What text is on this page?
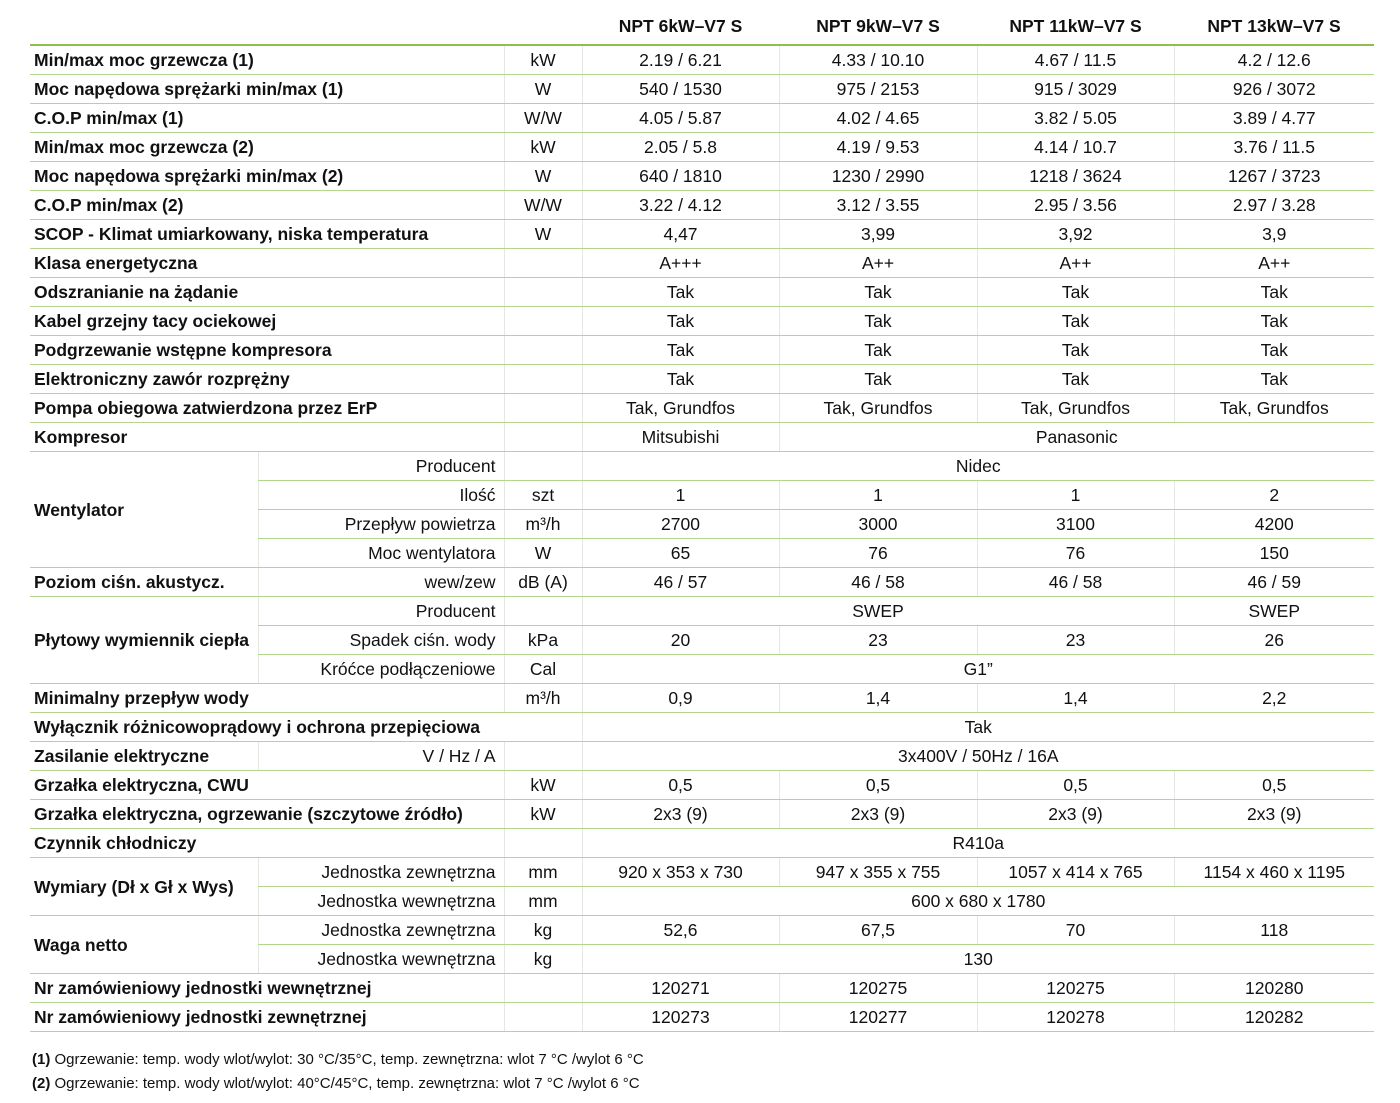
			NPT 6kW–V7 S	NPT 9kW–V7 S	NPT 11kW–V7 S	NPT 13kW–V7 S
Min/max moc grzewcza (1)		kW	2.19 / 6.21	4.33 / 10.10	4.67 / 11.5	4.2 / 12.6
Moc napędowa sprężarki min/max (1)		W	540 / 1530	975 / 2153	915 / 3029	926 / 3072
C.O.P min/max (1)		W/W	4.05 / 5.87	4.02 / 4.65	3.82 / 5.05	3.89 / 4.77
Min/max moc grzewcza (2)		kW	2.05 / 5.8	4.19 / 9.53	4.14 / 10.7	3.76 / 11.5
Moc napędowa sprężarki min/max (2)		W	640 / 1810	1230 / 2990	1218 / 3624	1267 / 3723
C.O.P min/max (2)		W/W	3.22 / 4.12	3.12 / 3.55	2.95 / 3.56	2.97 / 3.28
SCOP - Klimat umiarkowany, niska temperatura		W	4,47	3,99	3,92	3,9
Klasa energetyczna			A+++	A++	A++	A++
Odszranianie na żądanie			Tak	Tak	Tak	Tak
Kabel grzejny tacy ociekowej			Tak	Tak	Tak	Tak
Podgrzewanie wstępne kompresora			Tak	Tak	Tak	Tak
Elektroniczny zawór rozprężny			Tak	Tak	Tak	Tak
Pompa obiegowa zatwierdzona przez ErP			Tak, Grundfos	Tak, Grundfos	Tak, Grundfos	Tak, Grundfos
Kompresor			Mitsubishi	Panasonic		
Wentylator	Producent		Nidec			
	Ilość	szt	1	1	1	2
	Przepływ powietrza	m³/h	2700	3000	3100	4200
	Moc wentylatora	W	65	76	76	150
Poziom ciśn. akustycz.	wew/zew	dB (A)	46 / 57	46 / 58	46 / 58	46 / 59
Płytowy wymiennik ciepła	Producent		SWEP			SWEP
	Spadek ciśn. wody	kPa	20	23	23	26
	Króćce podłączeniowe	Cal	G1”			
Minimalny przepływ wody		m³/h	0,9	1,4	1,4	2,2
Wyłącznik różnicowoprądowy i ochrona przepięciowa			Tak			
Zasilanie elektryczne	V / Hz / A		3x400V / 50Hz / 16A			
Grzałka elektryczna, CWU		kW	0,5	0,5	0,5	0,5
Grzałka elektryczna, ogrzewanie (szczytowe źródło)		kW	2x3 (9)	2x3 (9)	2x3 (9)	2x3 (9)
Czynnik chłodniczy			R410a			
Wymiary (Dł x Gł x Wys)	Jednostka zewnętrzna	mm	920 x 353 x 730	947 x 355 x 755	1057 x 414 x 765	1154 x 460 x 1195
	Jednostka wewnętrzna	mm	600 x 680 x 1780			
Waga netto	Jednostka zewnętrzna	kg	52,6	67,5	70	118
	Jednostka wewnętrzna	kg	130			
Nr zamówieniowy jednostki wewnętrznej			120271	120275	120275	120280
Nr zamówieniowy jednostki zewnętrznej			120273	120277	120278	120282
(1) Ogrzewanie: temp. wody wlot/wylot: 30 °C/35°C, temp. zewnętrzna: wlot 7 °C /wylot 6 °C
(2) Ogrzewanie: temp. wody wlot/wylot: 40°C/45°C, temp. zewnętrzna: wlot 7 °C /wylot 6 °C
